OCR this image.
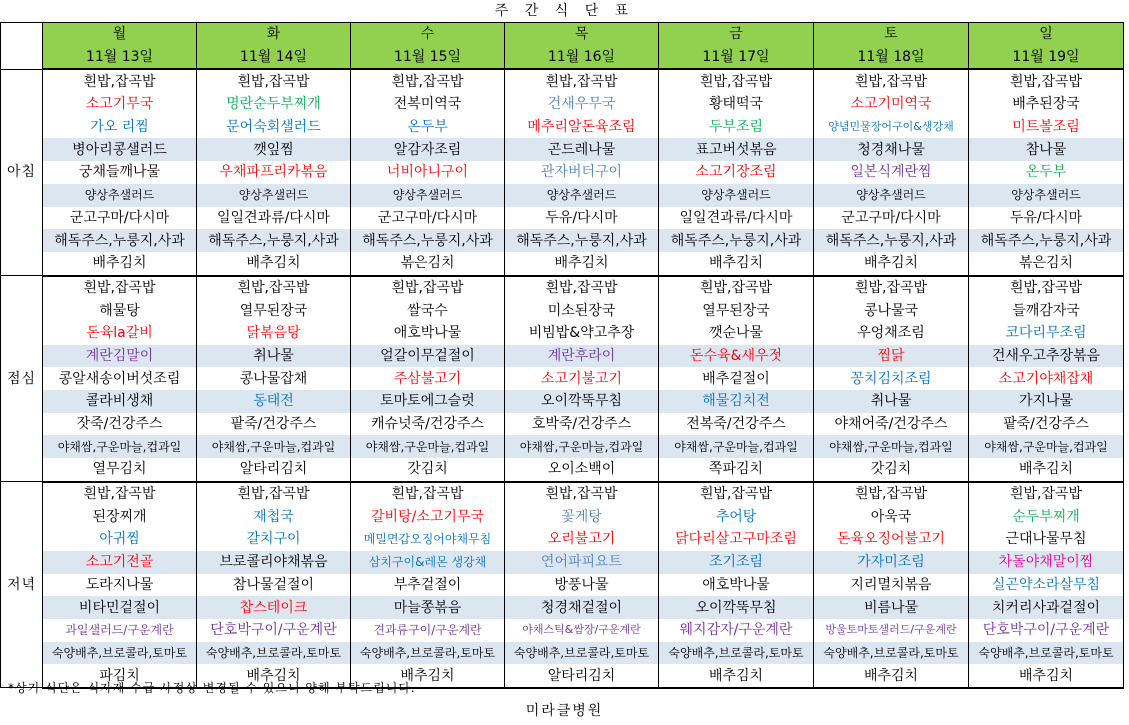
주 간 식 단 표
	월	화	수	목	금	토	일
	11월 13일	11월 14일	11월 15일	11월 16일	11월 17일	11월 18일	11월 19일
아침	흰밥,잡곡밥	흰밥,잡곡밥	흰밥,잡곡밥	흰밥,잡곡밥	흰밥,잡곡밥	흰밥,잡곡밥	흰밥,잡곡밥
	소고기무국	명란순두부찌개	전복미역국	건새우무국	황태떡국	소고기미역국	배추된장국
	가오 리찜	문어숙회샐러드	온두부	메추리알돈육조림	두부조림	양념민물장어구이&생강채	미트볼조림
	병아리콩샐러드	깻잎찜	알감자조림	곤드레나물	표고버섯볶음	청경채나물	참나물
	궁채들깨나물	우채파프리카볶음	너비아니구이	관자버터구이	소고기장조림	일본식계란찜	온두부
	양상추샐러드	양상추샐러드	양상추샐러드	양상추샐러드	양상추샐러드	양상추샐러드	양상추샐러드
	군고구마/다시마	일일견과류/다시마	군고구마/다시마	두유/다시마	일일견과류/다시마	군고구마/다시마	두유/다시마
	해독주스,누룽지,사과	해독주스,누룽지,사과	해독주스,누룽지,사과	해독주스,누룽지,사과	해독주스,누룽지,사과	해독주스,누룽지,사과	해독주스,누룽지,사과
	배추김치	배추김치	볶은김치	배추김치	배추김치	배추김치	볶은김치
점심	흰밥,잡곡밥	흰밥,잡곡밥	흰밥,잡곡밥	흰밥,잡곡밥	흰밥,잡곡밥	흰밥,잡곡밥	흰밥,잡곡밥
	해물탕	열무된장국	쌀국수	미소된장국	열무된장국	콩나물국	들깨감자국
	돈육la갈비	닭볶음탕	애호박나물	비빔밥&약고추장	깻순나물	우엉채조림	코다리무조림
	계란김말이	취나물	얼갈이무겉절이	계란후라이	돈수육&새우젓	찜닭	건새우고추장볶음
	콩알새송이버섯조림	콩나물잡채	주삼불고기	소고기불고기	배추겉절이	꽁치김치조림	소고기야채잡채
	콜라비생채	동태전	토마토에그슬럿	오이깍뚝무침	해물김치전	취나물	가지나물
	잣죽/건강주스	팥죽/건강주스	캐슈넛죽/건강주스	호박죽/건강주스	전복죽/건강주스	야채어죽/건강주스	팥죽/건강주스
	야채쌈,구운마늘,컵과일	야채쌈,구운마늘,컵과일	야채쌈,구운마늘,컵과일	야채쌈,구운마늘,컵과일	야채쌈,구운마늘,컵과일	야채쌈,구운마늘,컵과일	야채쌈,구운마늘,컵과일
	열무김치	알타리김치	갓김치	오이소백이	쪽파김치	갓김치	배추김치
저녁	흰밥,잡곡밥	흰밥,잡곡밥	흰밥,잡곡밥	흰밥,잡곡밥	흰밥,잡곡밥	흰밥,잡곡밥	흰밥,잡곡밥
	된장찌개	재첩국	갈비탕/소고기무국	꽃게탕	추어탕	아욱국	순두부찌개
	아귀찜	갈치구이	메밀면갑오징어야채무침	오리불고기	닭다리살고구마조림	돈육오징어불고기	근대나물무침
	소고기전골	브로콜리야채볶음	삼치구이&레몬 생강채	연어파피요트	조기조림	가자미조림	차돌야채말이찜
	도라지나물	참나물겉절이	부추겉절이	방풍나물	애호박나물	지리멸치볶음	실곤약소라살무침
	비타민겉절이	찹스테이크	마늘쫑볶음	청경채겉절이	오이깍뚝무침	비름나물	치커리사과겉절이
	과일샐러드/구운계란	단호박구이/구운계란	견과류구이/구운계란	야채스틱&쌈장/구운계란	웨지감자/구운계란	방울토마토샐러드/구운계란	단호박구이/구운계란
	숙양배추,브로콜라,토마토	숙양배추,브로콜라,토마토	숙양배추,브로콜라,토마토	숙양배추,브로콜라,토마토	숙양배추,브로콜라,토마토	숙양배추,브로콜라,토마토	숙양배추,브로콜라,토마토
	파김치	배추김치	배추김치	알타리김치	배추김치	배추김치	배추김치
*상기 식단은 식자재 수급 사정상 변경될 수 있으니 양해 부탁드립니다.
미라클병원
